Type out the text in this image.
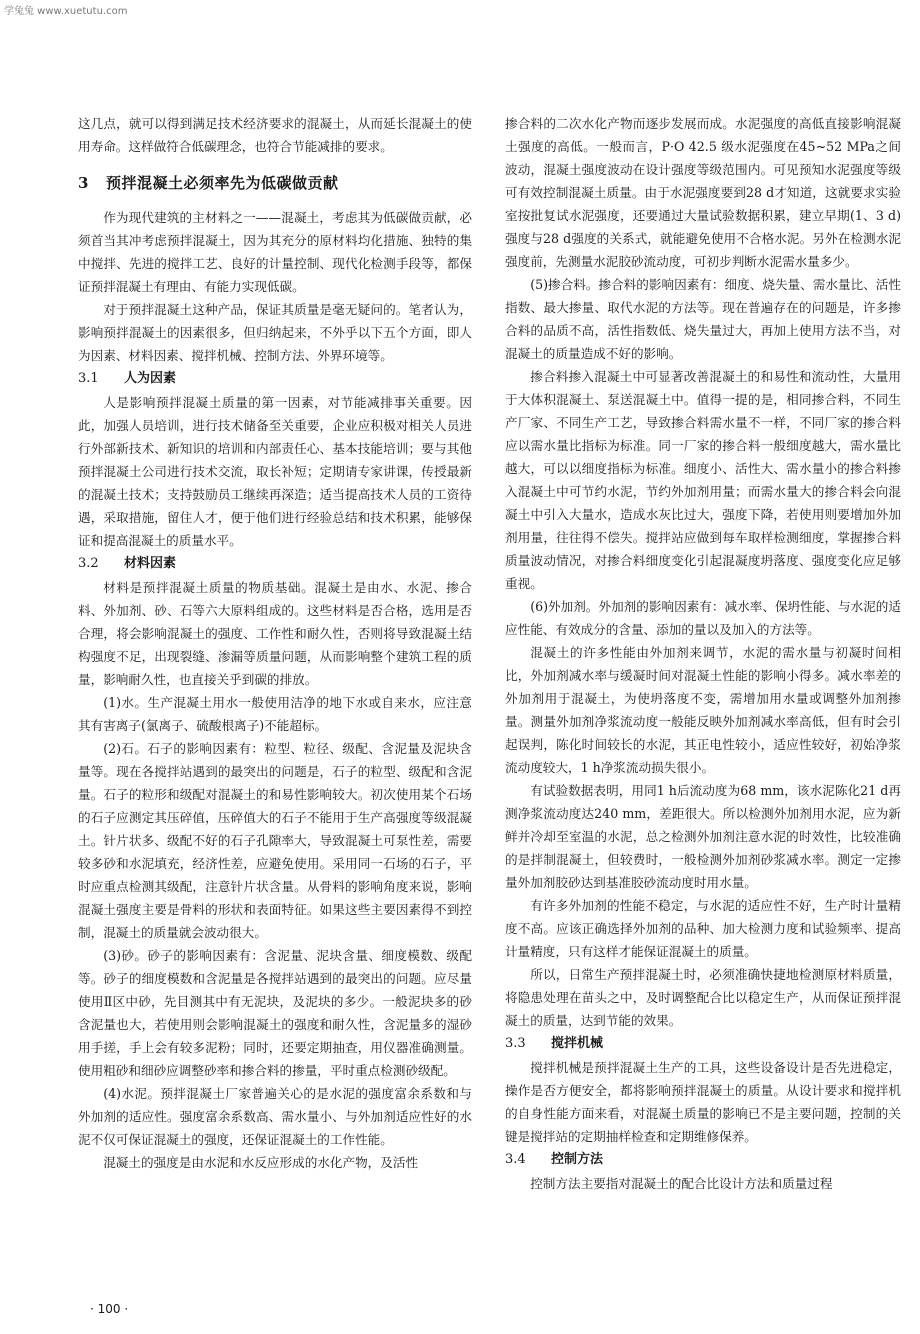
学兔兔 www.xuetutu.com

这几点，就可以得到满足技术经济要求的混凝土，从而延长混凝土的使用寿命。这样做符合低碳理念，也符合节能减排的要求。

3 预拌混凝土必须率先为低碳做贡献

作为现代建筑的主材料之一——混凝土，考虑其为低碳做贡献，必须首当其冲考虑预拌混凝土，因为其充分的原材料均化措施、独特的集中搅拌、先进的搅拌工艺、良好的计量控制、现代化检测手段等，都保证预拌混凝土有理由、有能力实现低碳。

对于预拌混凝土这种产品，保证其质量是毫无疑问的。笔者认为，影响预拌混凝土的因素很多，但归纳起来，不外乎以下五个方面，即人为因素、材料因素、搅拌机械、控制方法、外界环境等。

3.1 人为因素

人是影响预拌混凝土质量的第一因素，对节能减排事关重要。因此，加强人员培训，进行技术储备至关重要，企业应积极对相关人员进行外部新技术、新知识的培训和内部责任心、基本技能培训；要与其他预拌混凝土公司进行技术交流，取长补短；定期请专家讲课，传授最新的混凝土技术；支持鼓励员工继续再深造；适当提高技术人员的工资待遇，采取措施，留住人才，便于他们进行经验总结和技术积累，能够保证和提高混凝土的质量水平。

3.2 材料因素

材料是预拌混凝土质量的物质基础。混凝土是由水、水泥、掺合料、外加剂、砂、石等六大原料组成的。这些材料是否合格，选用是否合理，将会影响混凝土的强度、工作性和耐久性，否则将导致混凝土结构强度不足，出现裂缝、渗漏等质量问题，从而影响整个建筑工程的质量，影响耐久性，也直接关乎到碳的排放。

(1)水。生产混凝土用水一般使用洁净的地下水或自来水，应注意其有害离子(氯离子、硫酸根离子)不能超标。

(2)石。石子的影响因素有：粒型、粒径、级配、含泥量及泥块含量等。现在各搅拌站遇到的最突出的问题是，石子的粒型、级配和含泥量。石子的粒形和级配对混凝土的和易性影响较大。初次使用某个石场的石子应测定其压碎值，压碎值大的石子不能用于生产高强度等级混凝土。针片状多、级配不好的石子孔隙率大，导致混凝土可泵性差，需要较多砂和水泥填充，经济性差，应避免使用。采用同一石场的石子，平时应重点检测其级配，注意针片状含量。从骨料的影响角度来说，影响混凝土强度主要是骨料的形状和表面特征。如果这些主要因素得不到控制，混凝土的质量就会波动很大。

(3)砂。砂子的影响因素有：含泥量、泥块含量、细度模数、级配等。砂子的细度模数和含泥量是各搅拌站遇到的最突出的问题。应尽量使用Ⅱ区中砂，先目测其中有无泥块，及泥块的多少。一般泥块多的砂含泥量也大，若使用则会影响混凝土的强度和耐久性，含泥量多的湿砂用手搓，手上会有较多泥粉；同时，还要定期抽查，用仪器准确测量。使用粗砂和细砂应调整砂率和掺合料的掺量，平时重点检测砂级配。

(4)水泥。预拌混凝土厂家普遍关心的是水泥的强度富余系数和与外加剂的适应性。强度富余系数高、需水量小、与外加剂适应性好的水泥不仅可保证混凝土的强度，还保证混凝土的工作性能。

混凝土的强度是由水泥和水反应形成的水化产物，及活性

掺合料的二次水化产物而逐步发展而成。水泥强度的高低直接影响混凝土强度的高低。一般而言，P·O 42.5 级水泥强度在45~52 MPa之间波动，混凝土强度波动在设计强度等级范围内。可见预知水泥强度等级可有效控制混凝土质量。由于水泥强度要到28 d才知道，这就要求实验室按批复试水泥强度，还要通过大量试验数据积累，建立早期(1、3 d)强度与28 d强度的关系式，就能避免使用不合格水泥。另外在检测水泥强度前，先测量水泥胶砂流动度，可初步判断水泥需水量多少。

(5)掺合料。掺合料的影响因素有：细度、烧失量、需水量比、活性指数、最大掺量、取代水泥的方法等。现在普遍存在的问题是，许多掺合料的品质不高，活性指数低、烧失量过大，再加上使用方法不当，对混凝土的质量造成不好的影响。

掺合料掺入混凝土中可显著改善混凝土的和易性和流动性，大量用于大体积混凝土、泵送混凝土中。值得一提的是，相同掺合料，不同生产厂家、不同生产工艺，导致掺合料需水量不一样，不同厂家的掺合料应以需水量比指标为标准。同一厂家的掺合料一般细度越大，需水量比越大，可以以细度指标为标准。细度小、活性大、需水量小的掺合料掺入混凝土中可节约水泥，节约外加剂用量；而需水量大的掺合料会向混凝土中引入大量水，造成水灰比过大，强度下降，若使用则要增加外加剂用量，往往得不偿失。搅拌站应做到每车取样检测细度，掌握掺合料质量波动情况，对掺合料细度变化引起混凝度坍落度、强度变化应足够重视。

(6)外加剂。外加剂的影响因素有：减水率、保坍性能、与水泥的适应性能、有效成分的含量、添加的量以及加入的方法等。

混凝土的许多性能由外加剂来调节，水泥的需水量与初凝时间相比，外加剂减水率与缓凝时间对混凝土性能的影响小得多。减水率差的外加剂用于混凝土，为使坍落度不变，需增加用水量或调整外加剂掺量。测量外加剂净浆流动度一般能反映外加剂减水率高低，但有时会引起误判，陈化时间较长的水泥，其正电性较小，适应性较好，初始净浆流动度较大，1 h净浆流动损失很小。

有试验数据表明，用同1 h后流动度为68 mm，该水泥陈化21 d再测净浆流动度达240 mm，差距很大。所以检测外加剂用水泥，应为新鲜并冷却至室温的水泥，总之检测外加剂注意水泥的时效性，比较准确的是拌制混凝土，但较费时，一般检测外加剂砂浆减水率。测定一定掺量外加剂胶砂达到基准胶砂流动度时用水量。

有许多外加剂的性能不稳定，与水泥的适应性不好，生产时计量精度不高。应该正确选择外加剂的品种、加大检测力度和试验频率、提高计量精度，只有这样才能保证混凝土的质量。

所以，日常生产预拌混凝土时，必须准确快捷地检测原材料质量，将隐患处理在苗头之中，及时调整配合比以稳定生产，从而保证预拌混凝土的质量，达到节能的效果。

3.3 搅拌机械

搅拌机械是预拌混凝土生产的工具，这些设备设计是否先进稳定，操作是否方便安全，都将影响预拌混凝土的质量。从设计要求和搅拌机的自身性能方面来看，对混凝土质量的影响已不是主要问题，控制的关键是搅拌站的定期抽样检查和定期维修保养。

3.4 控制方法

控制方法主要指对混凝土的配合比设计方法和质量过程

· 100 ·
